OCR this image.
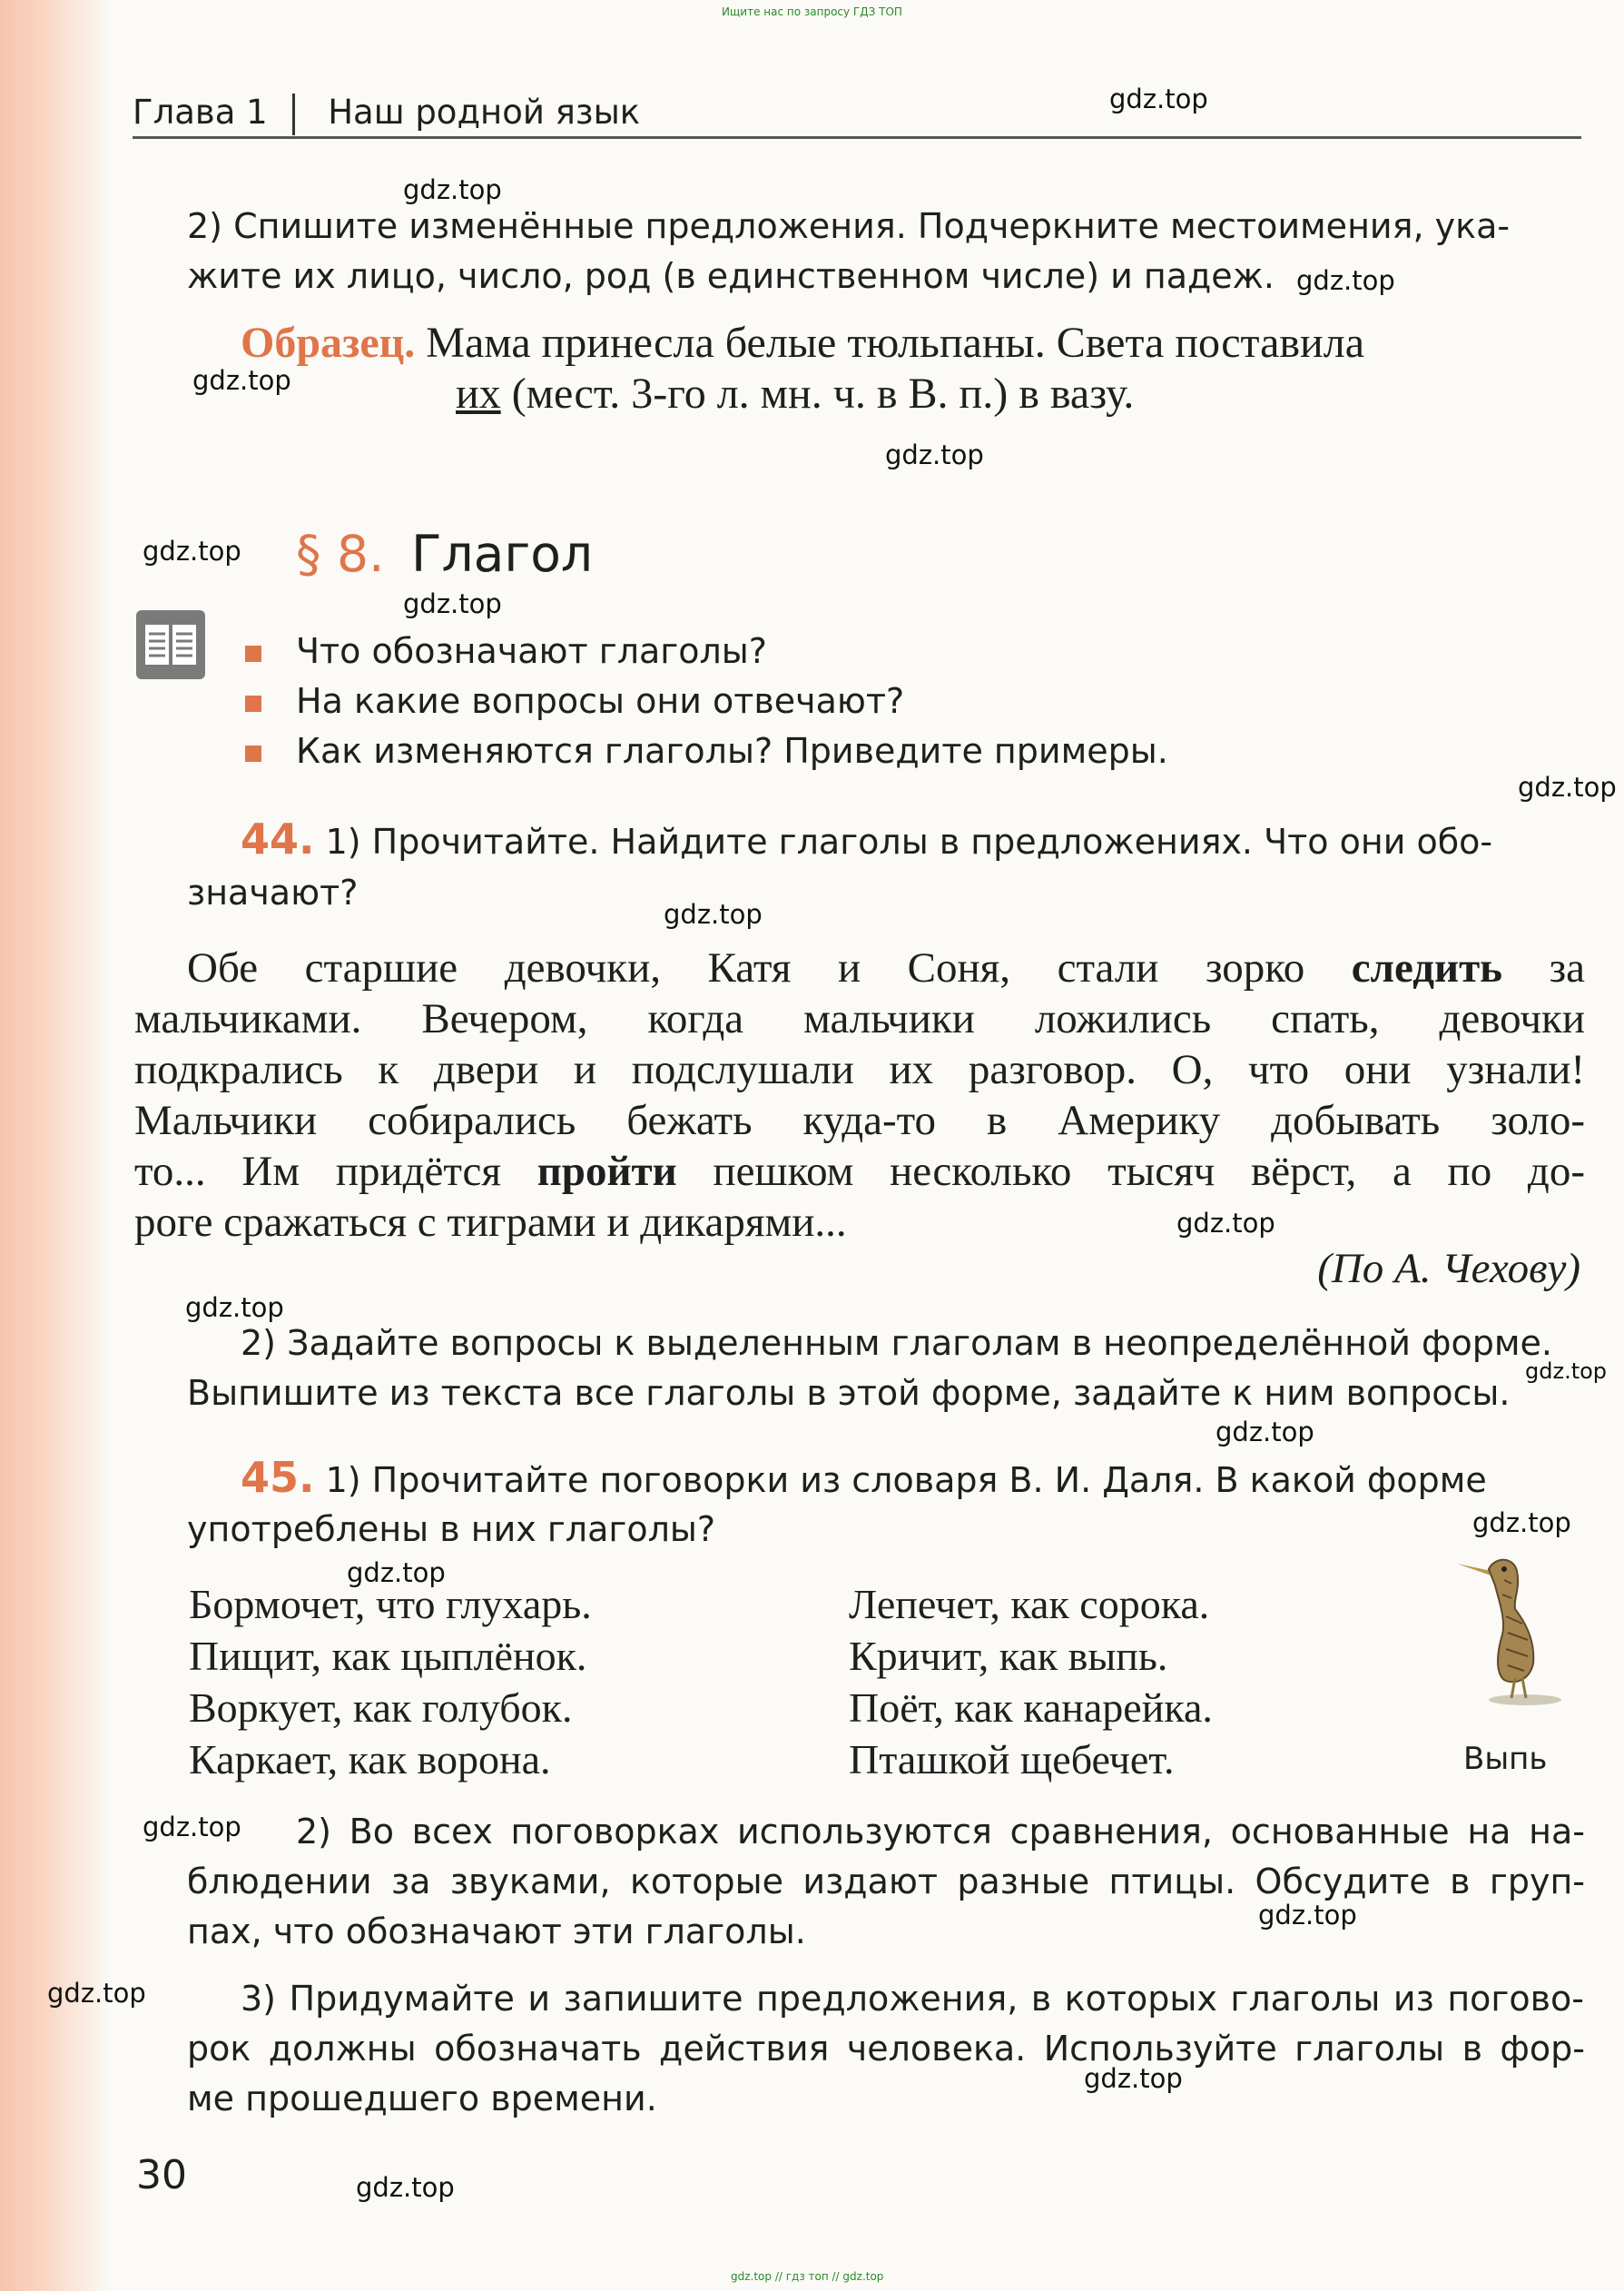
Ищите нас по запросу ГДЗ ТОП
gdz.top // гдз топ // gdz.top
Глава 1 Наш родной язык
2) Спишите изменённые предложения. Подчеркните местоимения, ука-
жите их лицо, число, род (в единственном числе) и падеж.
Образец. Мама принесла белые тюльпаны. Света поставила
их (мест. 3-го л. мн. ч. в В. п.) в вазу.
§ 8. Глагол
Что обозначают глаголы?
На какие вопросы они отвечают?
Как изменяются глаголы? Приведите примеры.
44. 1) Прочитайте. Найдите глаголы в предложениях. Что они обо-
значают?
Обе старшие девочки, Катя и Соня, стали зорко следить за
мальчиками. Вечером, когда мальчики ложились спать, девочки
подкрались к двери и подслушали их разговор. О, что они узнали!
Мальчики собирались бежать куда-то в Америку добывать золо-
то... Им придётся пройти пешком несколько тысяч вёрст, а по до-
роге сражаться с тиграми и дикарями...
(По А. Чехову)
2) Задайте вопросы к выделенным глаголам в неопределённой форме.
Выпишите из текста все глаголы в этой форме, задайте к ним вопросы.
45. 1) Прочитайте поговорки из словаря В. И. Даля. В какой форме
употреблены в них глаголы?
Бормочет, что глухарь.
Пищит, как цыплёнок.
Воркует, как голубок.
Каркает, как ворона.
Лепечет, как сорока.
Кричит, как выпь.
Поёт, как канарейка.
Пташкой щебечет.	Выпь
2) Во всех поговорках используются сравнения, основанные на на-
блюдении за звуками, которые издают разные птицы. Обсудите в груп-
пах, что обозначают эти глаголы.
3) Придумайте и запишите предложения, в которых глаголы из погово-
рок должны обозначать действия человека. Используйте глаголы в фор-
ме прошедшего времени.
30
gdz.top
gdz.top
gdz.top
gdz.top
gdz.top
gdz.top
gdz.top
gdz.top
gdz.top
gdz.top
gdz.top
gdz.top
gdz.top
gdz.top
gdz.top
gdz.top
gdz.top
gdz.top
gdz.top
gdz.top
